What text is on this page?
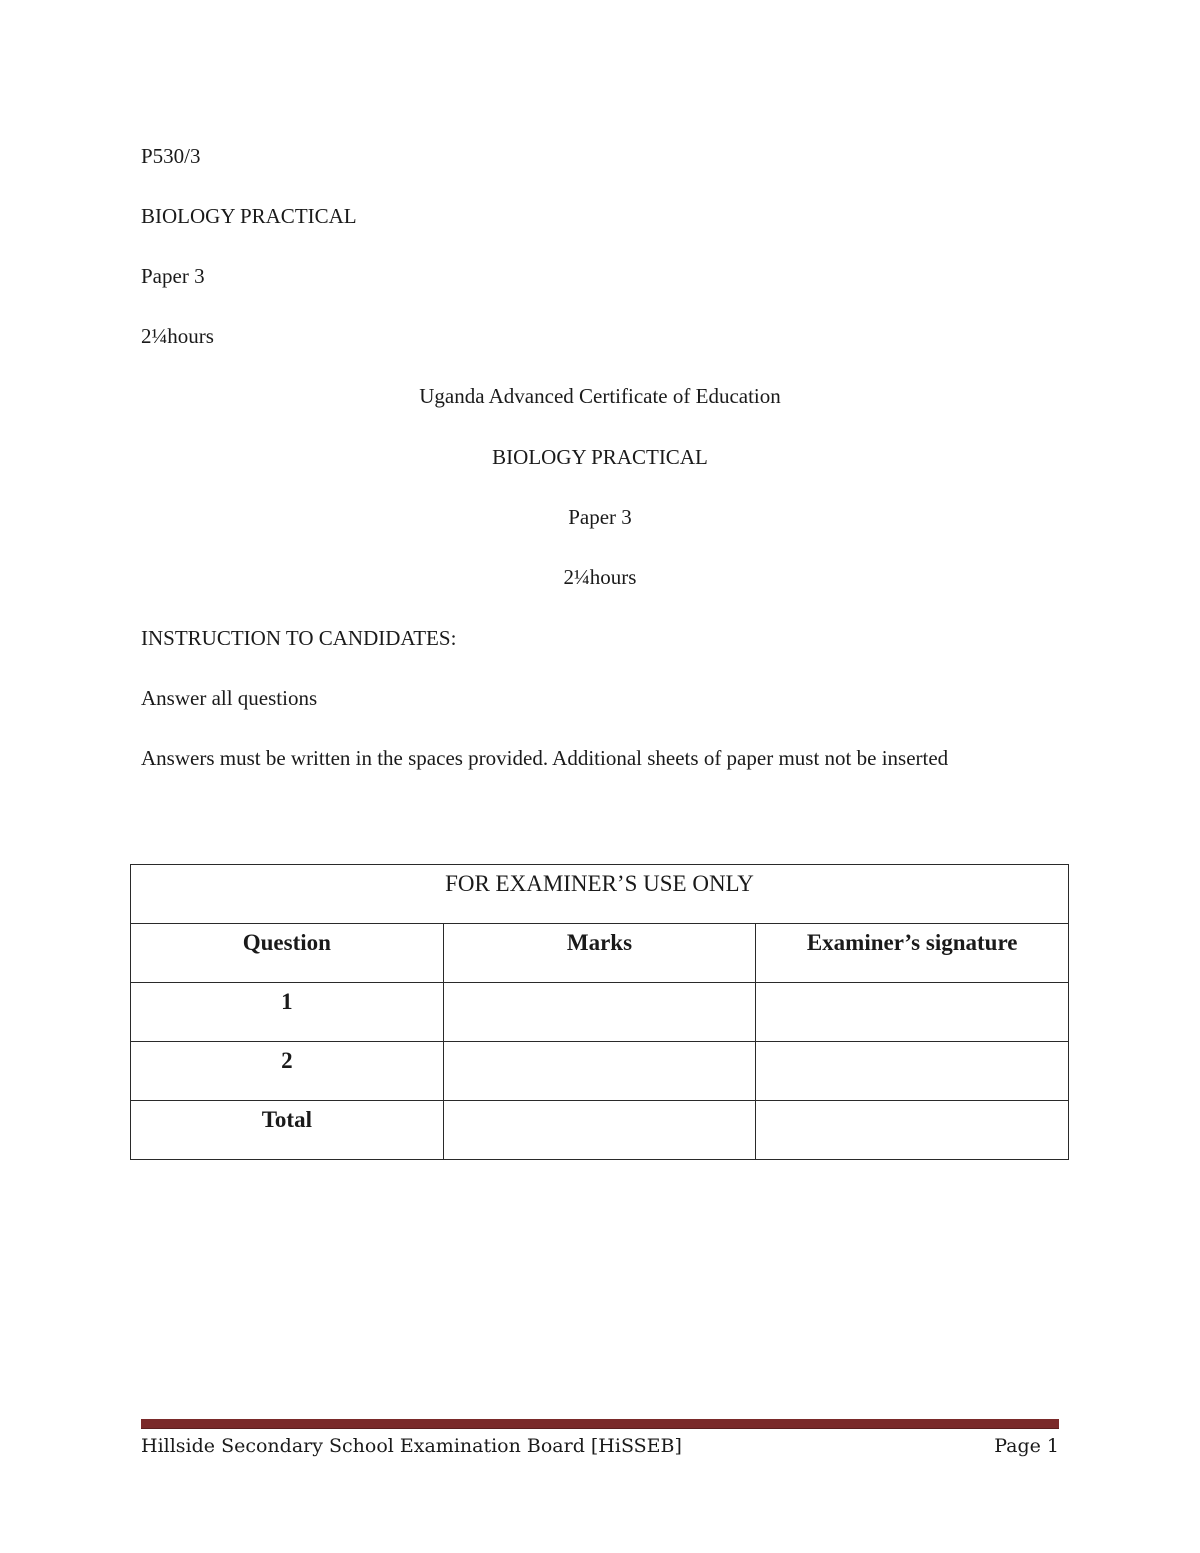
P530/3
BIOLOGY PRACTICAL
Paper 3
2¼hours
Uganda Advanced Certificate of Education
BIOLOGY PRACTICAL
Paper 3
2¼hours
INSTRUCTION TO CANDIDATES:
Answer all questions
Answers must be written in the spaces provided. Additional sheets of paper must not be inserted
FOR EXAMINER’S USE ONLY		

Question	Marks	Examiner’s signature

1		

2		

Total		

Hillside Secondary School Examination Board [HiSSEB]	Page 1
